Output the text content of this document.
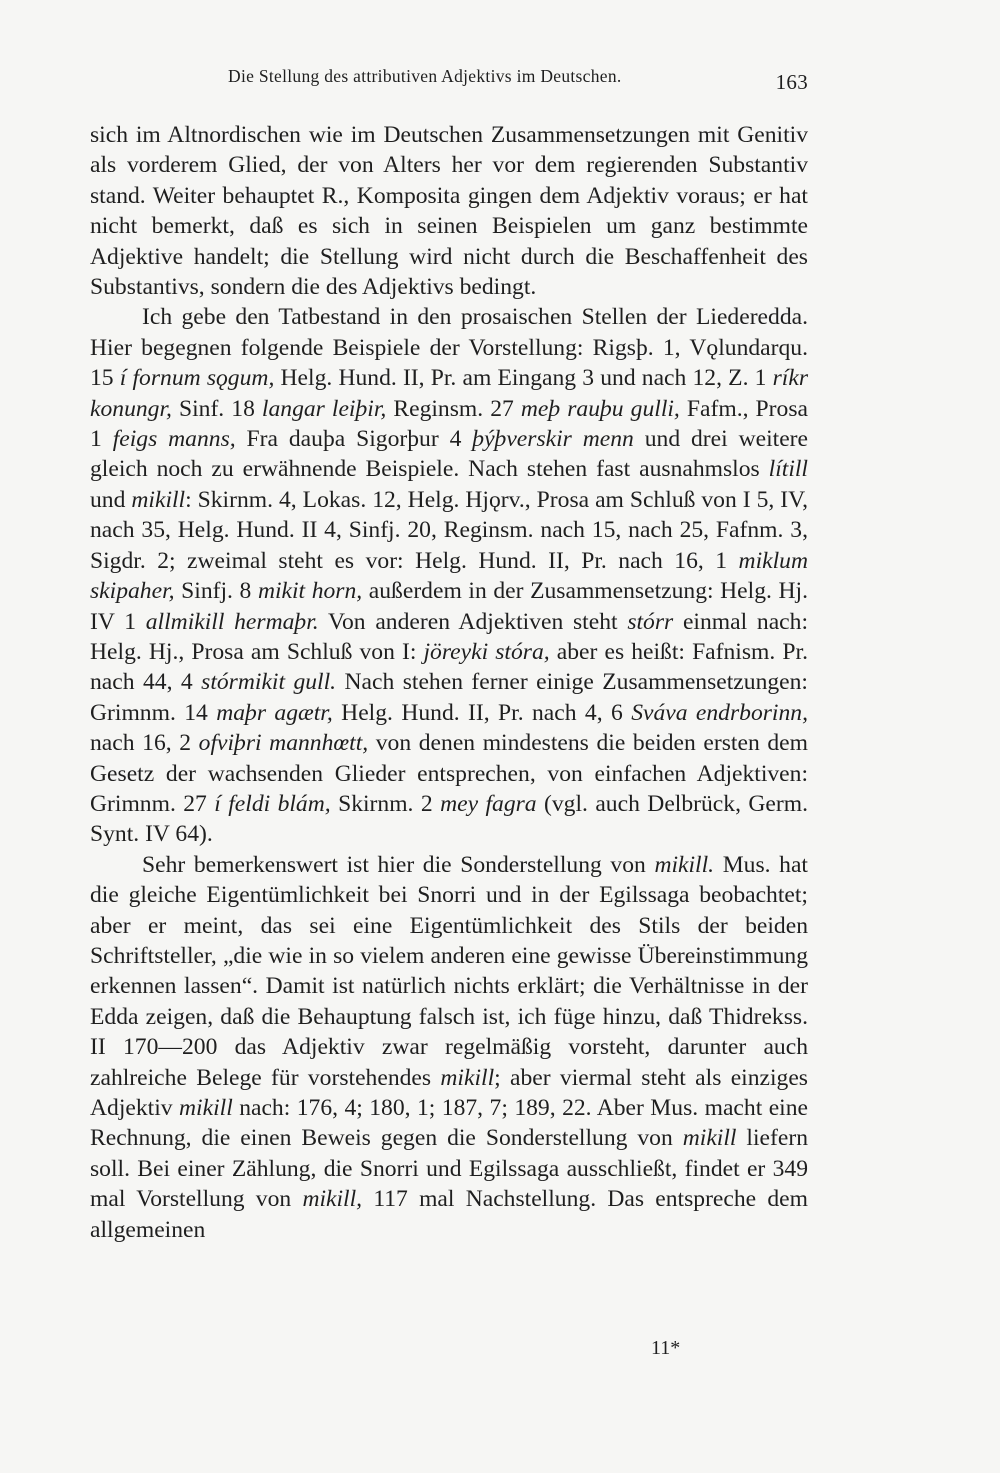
Die Stellung des attributiven Adjektivs im Deutschen.	163

sich im Altnordischen wie im Deutschen Zusammensetzungen mit Genitiv als vorderem Glied, der von Alters her vor dem regierenden Substantiv stand. Weiter behauptet R., Komposita gingen dem Adjektiv voraus; er hat nicht bemerkt, daß es sich in seinen Beispielen um ganz bestimmte Adjektive handelt; die Stellung wird nicht durch die Beschaffenheit des Substantivs, sondern die des Adjektivs bedingt.

Ich gebe den Tatbestand in den prosaischen Stellen der Liederedda. Hier begegnen folgende Beispiele der Vorstellung: Rigsþ. 1, Vǫlundarqu. 15 í fornum sǫgum, Helg. Hund. II, Pr. am Eingang 3 und nach 12, Z. 1 ríkr konungr, Sinf. 18 langar leiþir, Reginsm. 27 meþ rauþu gulli, Fafm., Prosa 1 feigs manns, Fra dauþa Sigorþur 4 þýþverskir menn und drei weitere gleich noch zu erwähnende Beispiele. Nach stehen fast ausnahmslos lítill und mikill: Skirnm. 4, Lokas. 12, Helg. Hjǫrv., Prosa am Schluß von I 5, IV, nach 35, Helg. Hund. II 4, Sinfj. 20, Reginsm. nach 15, nach 25, Fafnm. 3, Sigdr. 2; zweimal steht es vor: Helg. Hund. II, Pr. nach 16, 1 miklum skipaher, Sinfj. 8 mikit horn, außerdem in der Zusammensetzung: Helg. Hj. IV 1 allmikill hermaþr. Von anderen Adjektiven steht stórr einmal nach: Helg. Hj., Prosa am Schluß von I: jöreyki stóra, aber es heißt: Fafnism. Pr. nach 44, 4 stórmikit gull. Nach stehen ferner einige Zusammensetzungen: Grimnm. 14 maþr agætr, Helg. Hund. II, Pr. nach 4, 6 Sváva endrborinn, nach 16, 2 ofviþri mannhœtt, von denen mindestens die beiden ersten dem Gesetz der wachsenden Glieder entsprechen, von einfachen Adjektiven: Grimnm. 27 í feldi blám, Skirnm. 2 mey fagra (vgl. auch Delbrück, Germ. Synt. IV 64).

Sehr bemerkenswert ist hier die Sonderstellung von mikill. Mus. hat die gleiche Eigentümlichkeit bei Snorri und in der Egilssaga beobachtet; aber er meint, das sei eine Eigentümlichkeit des Stils der beiden Schriftsteller, „die wie in so vielem anderen eine gewisse Übereinstimmung erkennen lassen“. Damit ist natürlich nichts erklärt; die Verhältnisse in der Edda zeigen, daß die Behauptung falsch ist, ich füge hinzu, daß Thidrekss. II 170—200 das Adjektiv zwar regelmäßig vorsteht, darunter auch zahlreiche Belege für vorstehendes mikill; aber viermal steht als einziges Adjektiv mikill nach: 176, 4; 180, 1; 187, 7; 189, 22. Aber Mus. macht eine Rechnung, die einen Beweis gegen die Sonderstellung von mikill liefern soll. Bei einer Zählung, die Snorri und Egilssaga ausschließt, findet er 349 mal Vorstellung von mikill, 117 mal Nachstellung. Das entspreche dem allgemeinen

11*
